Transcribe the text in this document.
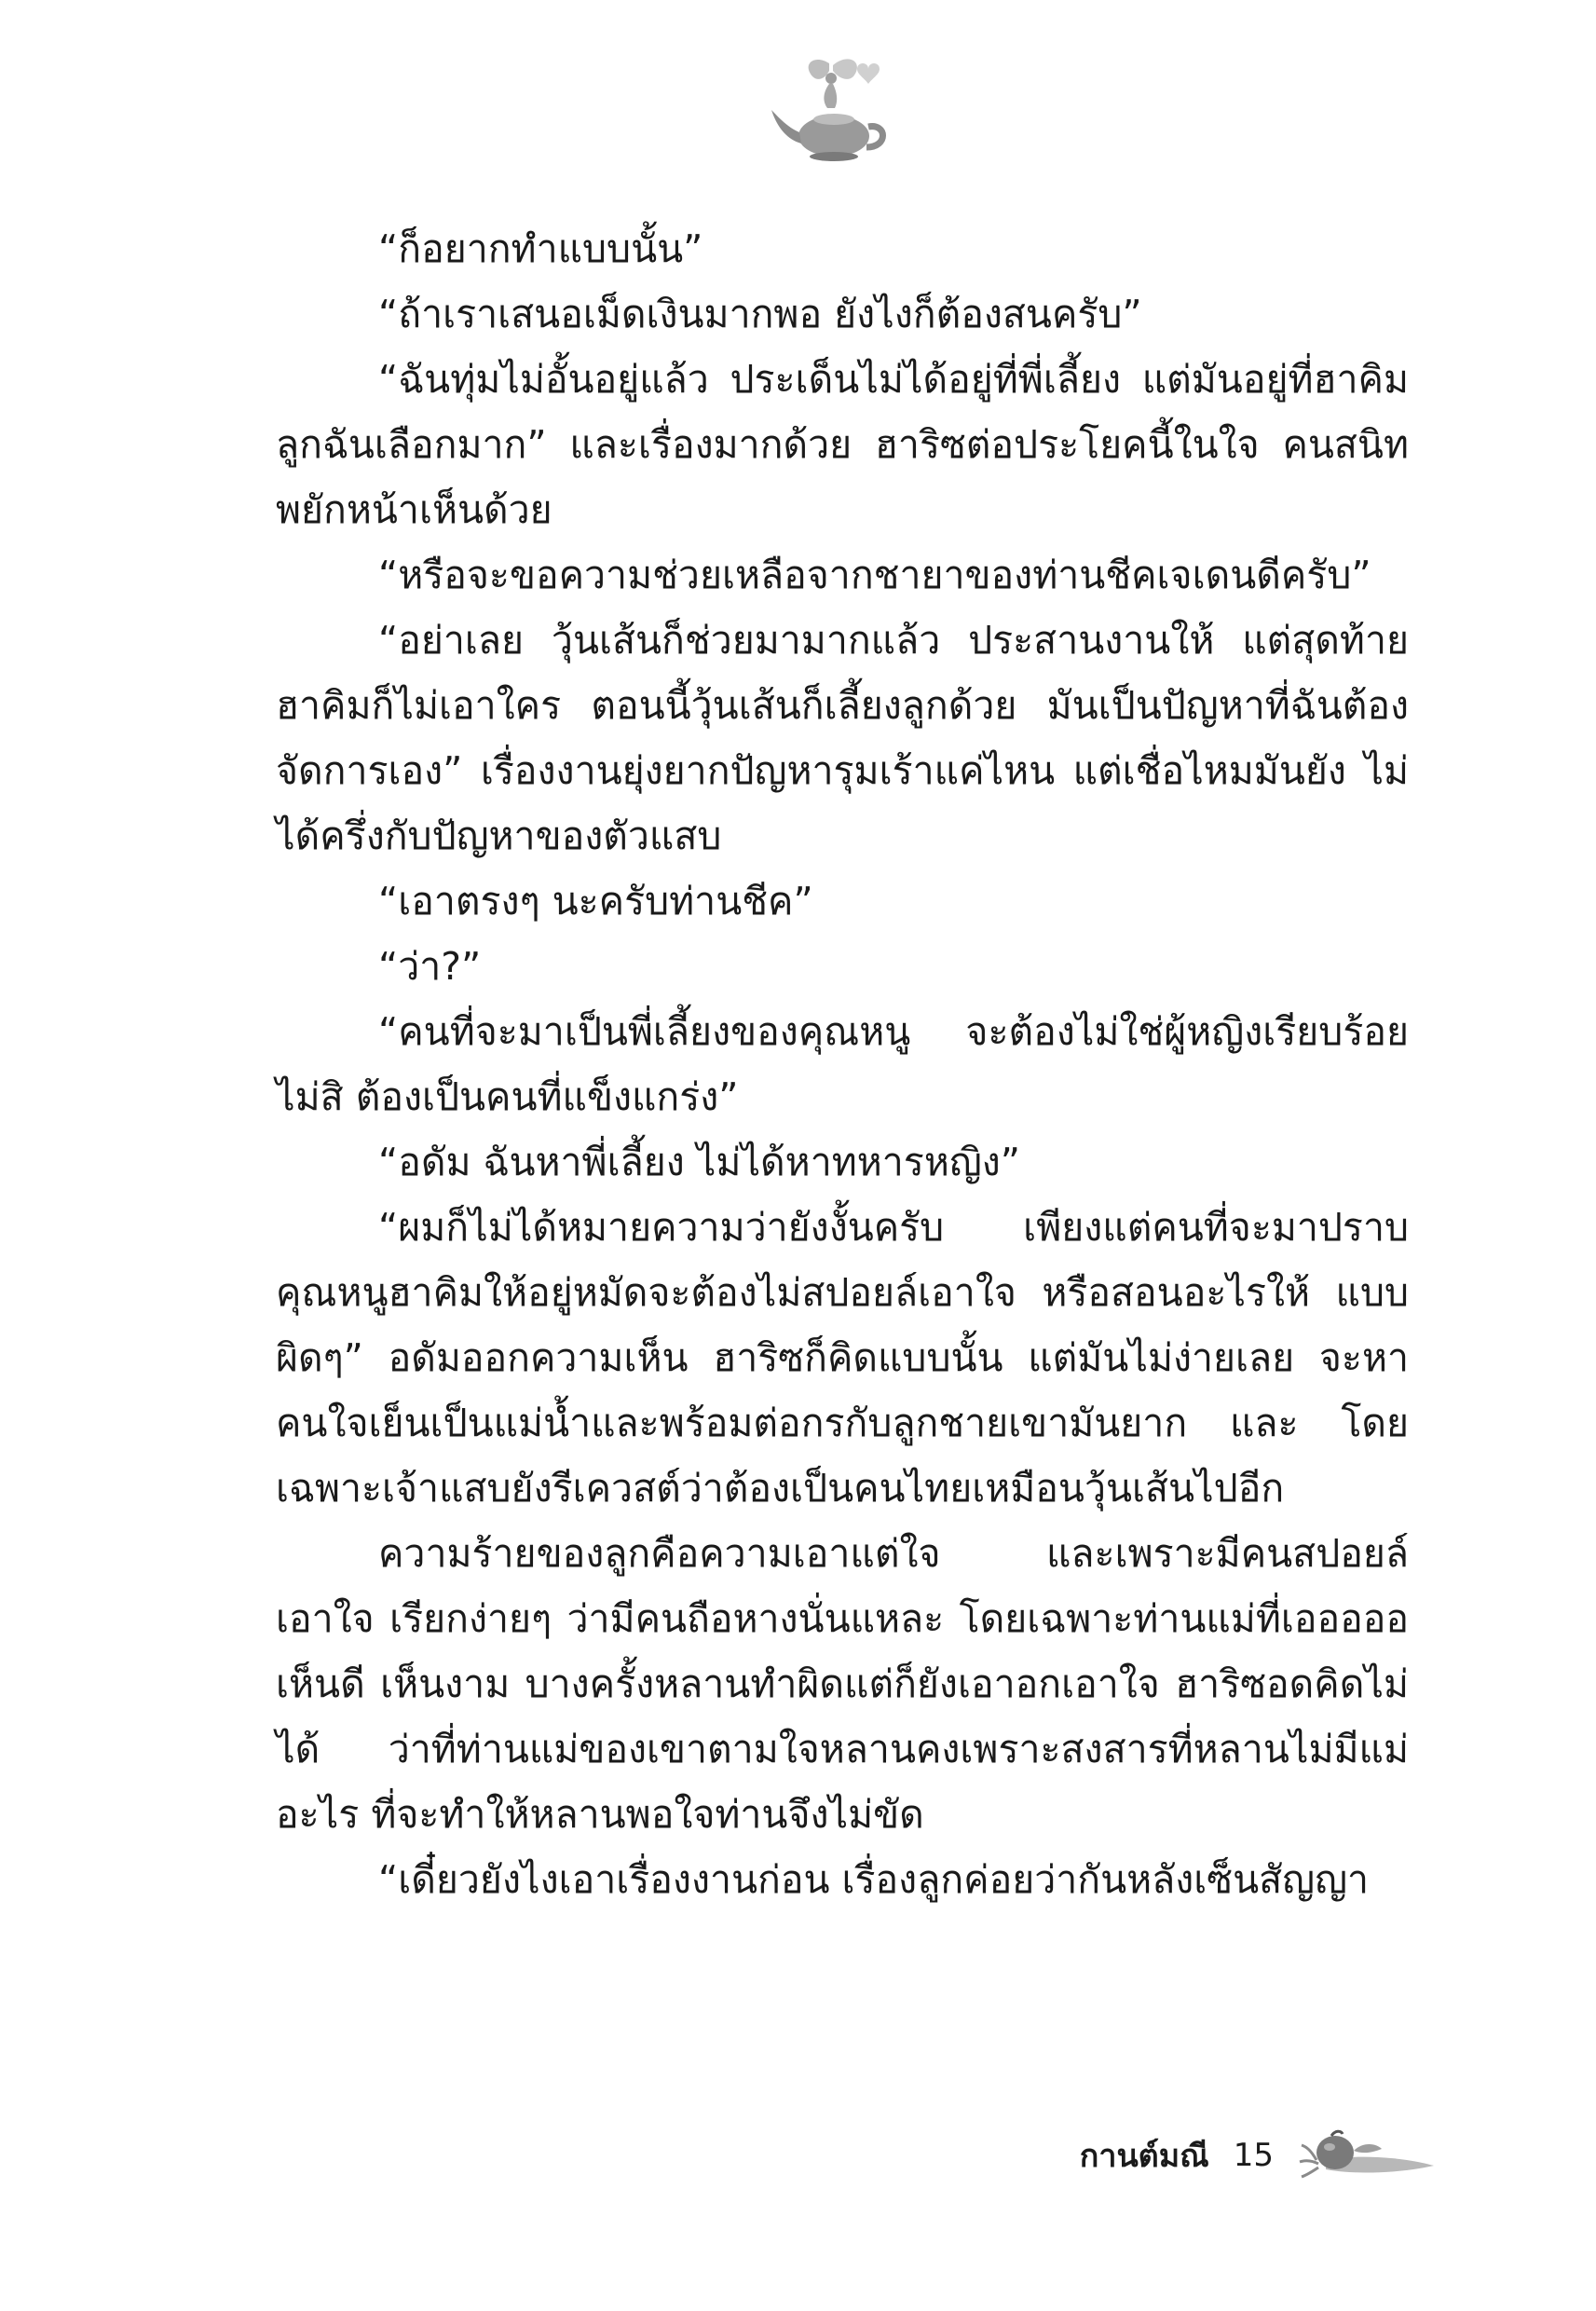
“ก็อยากทำแบบนั้น”

“ถ้าเราเสนอเม็ดเงินมากพอ ยังไงก็ต้องสนครับ”

“ฉันทุ่มไม่อั้นอยู่แล้ว ประเด็นไม่ได้อยู่ที่พี่เลี้ยง แต่มันอยู่ที่ฮาคิม ลูกฉันเลือกมาก” และเรื่องมากด้วย ฮาริซต่อประโยคนี้ในใจ คนสนิท พยักหน้าเห็นด้วย

“หรือจะขอความช่วยเหลือจากชายาของท่านชีคเจเดนดีครับ”

“อย่าเลย วุ้นเส้นก็ช่วยมามากแล้ว ประสานงานให้ แต่สุดท้าย ฮาคิมก็ไม่เอาใคร ตอนนี้วุ้นเส้นก็เลี้ยงลูกด้วย มันเป็นปัญหาที่ฉันต้อง จัดการเอง” เรื่องงานยุ่งยากปัญหารุมเร้าแค่ไหน แต่เชื่อไหมมันยัง ไม่ได้ครึ่งกับปัญหาของตัวแสบ

“เอาตรงๆ นะครับท่านชีค”

“ว่า?”

“คนที่จะมาเป็นพี่เลี้ยงของคุณหนู จะต้องไม่ใช่ผู้หญิงเรียบร้อย ไม่สิ ต้องเป็นคนที่แข็งแกร่ง”

“อดัม ฉันหาพี่เลี้ยง ไม่ได้หาทหารหญิง”

“ผมก็ไม่ได้หมายความว่ายังงั้นครับ เพียงแต่คนที่จะมาปราบ คุณหนูฮาคิมให้อยู่หมัดจะต้องไม่สปอยล์เอาใจ หรือสอนอะไรให้ แบบผิดๆ” อดัมออกความเห็น ฮาริซก็คิดแบบนั้น แต่มันไม่ง่ายเลย จะหาคนใจเย็นเป็นแม่น้ำและพร้อมต่อกรกับลูกชายเขามันยาก และ โดยเฉพาะเจ้าแสบยังรีเควสต์ว่าต้องเป็นคนไทยเหมือนวุ้นเส้นไปอีก

ความร้ายของลูกคือความเอาแต่ใจ และเพราะมีคนสปอยล์เอาใจ เรียกง่ายๆ ว่ามีคนถือหางนั่นแหละ โดยเฉพาะท่านแม่ที่เอออออเห็นดี เห็นงาม บางครั้งหลานทำผิดแต่ก็ยังเอาอกเอาใจ ฮาริซอดคิดไม่ได้ ว่าที่ท่านแม่ของเขาตามใจหลานคงเพราะสงสารที่หลานไม่มีแม่ อะไร ที่จะทำให้หลานพอใจท่านจึงไม่ขัด

“เดี๋ยวยังไงเอาเรื่องงานก่อน เรื่องลูกค่อยว่ากันหลังเซ็นสัญญา

กานต์มณี 15
